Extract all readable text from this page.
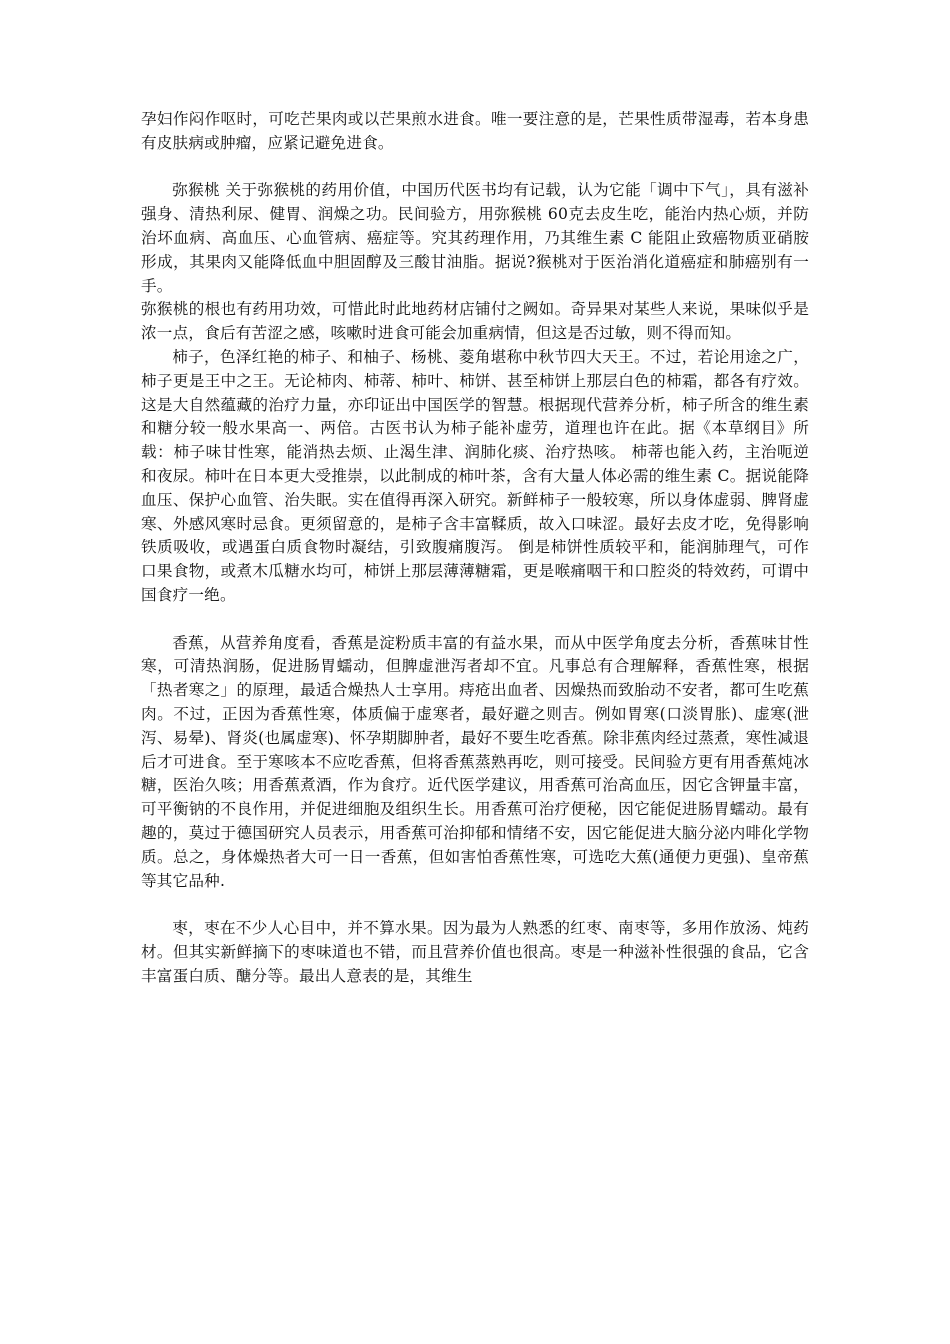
孕妇作闷作呕时，可吃芒果肉或以芒果煎水进食。唯一要注意的是，芒果性质带湿毒，若本身患有皮肤病或肿瘤，应紧记避免进食。

弥猴桃 关于弥猴桃的药用价值，中国历代医书均有记载，认为它能「调中下气」，具有滋补强身、清热利尿、健胃、润燥之功。民间验方，用弥猴桃 60克去皮生吃，能治内热心烦，并防治坏血病、高血压、心血管病、癌症等。究其药理作用，乃其维生素 C 能阻止致癌物质亚硝胺形成，其果肉又能降低血中胆固醇及三酸甘油脂。据说?猴桃对于医治消化道癌症和肺癌别有一手。

弥猴桃的根也有药用功效，可惜此时此地药材店铺付之阙如。奇异果对某些人来说，果味似乎是浓一点，食后有苦涩之感，咳嗽时进食可能会加重病情，但这是否过敏，则不得而知。

柿子，色泽红艳的柿子、和柚子、杨桃、菱角堪称中秋节四大天王。不过，若论用途之广，柿子更是王中之王。无论柿肉、柿蒂、柿叶、柿饼、甚至柿饼上那层白色的柿霜，都各有疗效。这是大自然蕴藏的治疗力量，亦印证出中国医学的智慧。根据现代营养分析，柿子所含的维生素和糖分较一般水果高一、两倍。古医书认为柿子能补虚劳，道理也许在此。据《本草纲目》所载：柿子味甘性寒，能消热去烦、止渴生津、润肺化痰、治疗热咳。 柿蒂也能入药，主治呃逆和夜尿。柿叶在日本更大受推崇，以此制成的柿叶茶，含有大量人体必需的维生素 C。据说能降血压、保护心血管、治失眠。实在值得再深入研究。新鲜柿子一般较寒，所以身体虚弱、脾肾虚寒、外感风寒时忌食。更须留意的，是柿子含丰富鞣质，故入口味涩。最好去皮才吃，免得影响铁质吸收，或遇蛋白质食物时凝结，引致腹痛腹泻。 倒是柿饼性质较平和，能润肺理气，可作口果食物，或煮木瓜糖水均可，柿饼上那层薄薄糖霜，更是喉痛咽干和口腔炎的特效药，可谓中国食疗一绝。

香蕉，从营养角度看，香蕉是淀粉质丰富的有益水果，而从中医学角度去分析，香蕉味甘性寒，可清热润肠，促进肠胃蠕动，但脾虚泄泻者却不宜。凡事总有合理解释，香蕉性寒，根据「热者寒之」的原理，最适合燥热人士享用。痔疮出血者、因燥热而致胎动不安者，都可生吃蕉肉。不过，正因为香蕉性寒，体质偏于虚寒者，最好避之则吉。例如胃寒(口淡胃胀)、虚寒(泄泻、易晕)、肾炎(也属虚寒)、怀孕期脚肿者，最好不要生吃香蕉。除非蕉肉经过蒸煮，寒性减退后才可进食。至于寒咳本不应吃香蕉，但将香蕉蒸熟再吃，则可接受。民间验方更有用香蕉炖冰糖，医治久咳；用香蕉煮酒，作为食疗。近代医学建议，用香蕉可治高血压，因它含钾量丰富，可平衡钠的不良作用，并促进细胞及组织生长。用香蕉可治疗便秘，因它能促进肠胃蠕动。最有趣的，莫过于德国研究人员表示，用香蕉可治抑郁和情绪不安，因它能促进大脑分泌内啡化学物质。总之，身体燥热者大可一日一香蕉，但如害怕香蕉性寒，可选吃大蕉(通便力更强)、皇帝蕉等其它品种.

枣，枣在不少人心目中，并不算水果。因为最为人熟悉的红枣、南枣等，多用作放汤、炖药材。但其实新鲜摘下的枣味道也不错，而且营养价值也很高。枣是一种滋补性很强的食品，它含丰富蛋白质、醣分等。最出人意表的是，其维生
